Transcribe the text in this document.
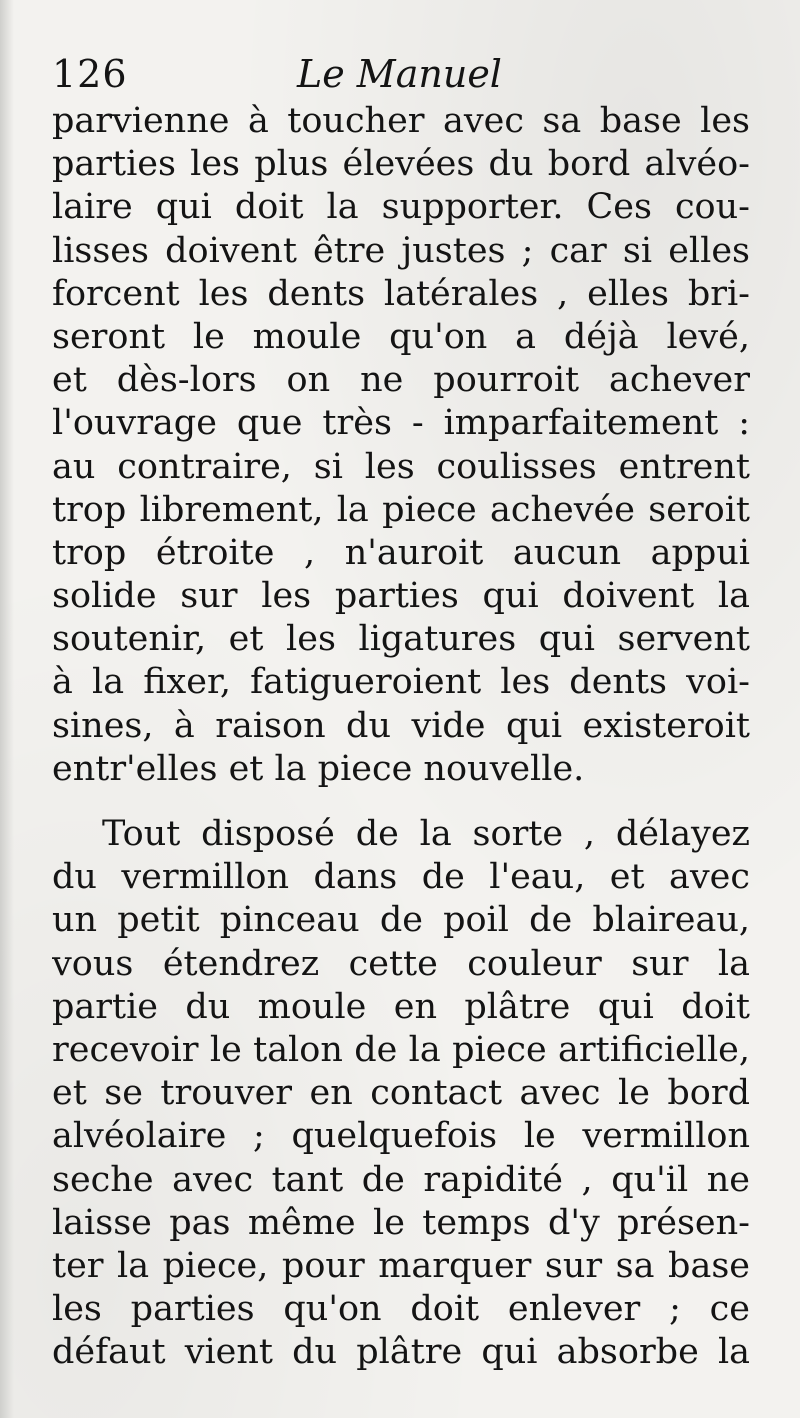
126	Le Manuel
parvienne à toucher avec sa base les
parties les plus élevées du bord alvéo-
laire qui doit la supporter. Ces cou-
lisses doivent être justes ; car si elles
forcent les dents latérales , elles bri-
seront le moule qu'on a déjà levé,
et dès-lors on ne pourroit achever
l'ouvrage que très - imparfaitement :
au contraire, si les coulisses entrent
trop librement, la piece achevée seroit
trop étroite , n'auroit aucun appui
solide sur les parties qui doivent la
soutenir, et les ligatures qui servent
à la fixer, fatigueroient les dents voi-
sines, à raison du vide qui existeroit
entr'elles et la piece nouvelle.
Tout disposé de la sorte , délayez
du vermillon dans de l'eau, et avec
un petit pinceau de poil de blaireau,
vous étendrez cette couleur sur la
partie du moule en plâtre qui doit
recevoir le talon de la piece artificielle,
et se trouver en contact avec le bord
alvéolaire ; quelquefois le vermillon
seche avec tant de rapidité , qu'il ne
laisse pas même le temps d'y présen-
ter la piece, pour marquer sur sa base
les parties qu'on doit enlever ; ce
défaut vient du plâtre qui absorbe la
